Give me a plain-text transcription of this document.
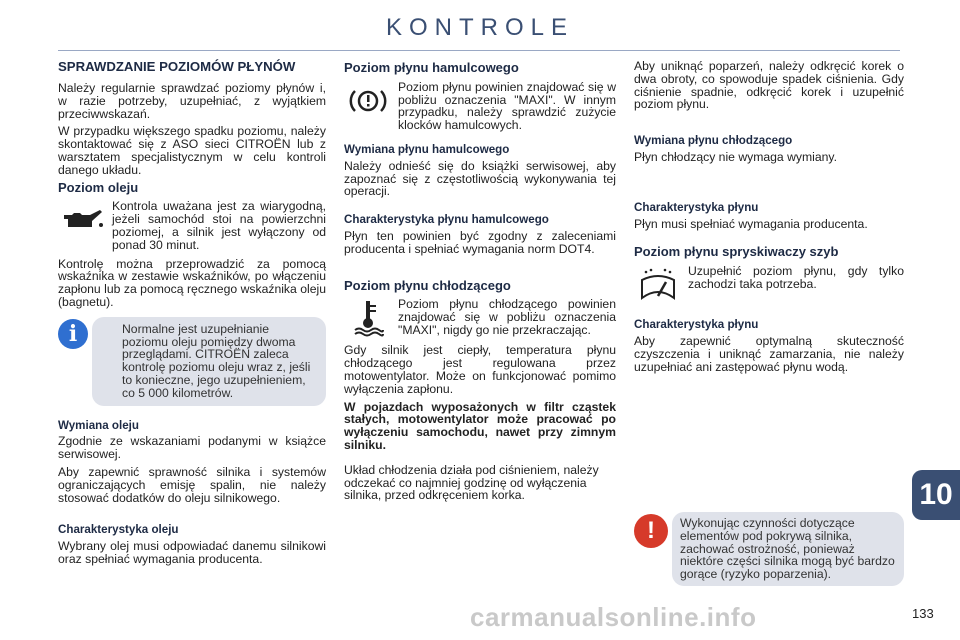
KONTROLE
SPRAWDZANIE POZIOMÓW PŁYNÓW

Należy regularnie sprawdzać poziomy płynów i, w razie potrzeby, uzupełniać, z wyjątkiem przeciwwskazań.

W przypadku większego spadku poziomu, należy skontaktować się z ASO sieci CITROËN lub z warsztatem specjalistycznym w celu kontroli danego układu.

Poziom oleju
Kontrola uważana jest za wiarygodną, jeżeli samochód stoi na powierzchni poziomej, a silnik jest wyłączony od ponad 30 minut.

Kontrolę można przeprowadzić za pomocą wskaźnika w zestawie wskaźników, po włączeniu zapłonu lub za pomocą ręcznego wskaźnika oleju (bagnetu).

i	Normalne jest uzupełnianie poziomu oleju pomiędzy dwoma przeglądami. CITROËN zaleca kontrolę poziomu oleju wraz z, jeśli to konieczne, jego uzupełnieniem, co 5 000 kilometrów.
Wymiana oleju

Zgodnie ze wskazaniami podanymi w książce serwisowej.

Aby zapewnić sprawność silnika i systemów ograniczających emisję spalin, nie należy stosować dodatków do oleju silnikowego.

Charakterystyka oleju

Wybrany olej musi odpowiadać danemu silnikowi oraz spełniać wymagania producenta.

Poziom płynu hamulcowego
Poziom płynu powinien znajdować się w pobliżu oznaczenia "MAXI". W innym przypadku, należy sprawdzić zużycie klocków hamulcowych.
Wymiana płynu hamulcowego

Należy odnieść się do książki serwisowej, aby zapoznać się z częstotliwością wykonywania tej operacji.

Charakterystyka płynu hamulcowego

Płyn ten powinien być zgodny z zaleceniami producenta i spełniać wymagania norm DOT4.

Poziom płynu chłodzącego
Poziom płynu chłodzącego powinien znajdować się w pobliżu oznaczenia "MAXI", nigdy go nie przekraczając.

Gdy silnik jest ciepły, temperatura płynu chłodzącego jest regulowana przez motowentylator. Może on funkcjonować pomimo wyłączenia zapłonu.

W pojazdach wyposażonych w filtr cząstek stałych, motowentylator może pracować po wyłączeniu samochodu, nawet przy zimnym silniku.

Układ chłodzenia działa pod ciśnieniem, należy odczekać co najmniej godzinę od wyłączenia silnika, przed odkręceniem korka.

Aby uniknąć poparzeń, należy odkręcić korek o dwa obroty, co spowoduje spadek ciśnienia. Gdy ciśnienie spadnie, odkręcić korek i uzupełnić poziom płynu.

Wymiana płynu chłodzącego

Płyn chłodzący nie wymaga wymiany.

Charakterystyka płynu

Płyn musi spełniać wymagania producenta.

Poziom płynu spryskiwaczy szyb
Uzupełnić poziom płynu, gdy tylko zachodzi taka potrzeba.
Charakterystyka płynu

Aby zapewnić optymalną skuteczność czyszczenia i uniknąć zamarzania, nie należy uzupełniać ani zastępować płynu wodą.

!	Wykonując czynności dotyczące elementów pod pokrywą silnika, zachować ostrożność, ponieważ niektóre części silnika mogą być bardzo gorące (ryzyko poparzenia).
10
carmanualsonline.info	133
